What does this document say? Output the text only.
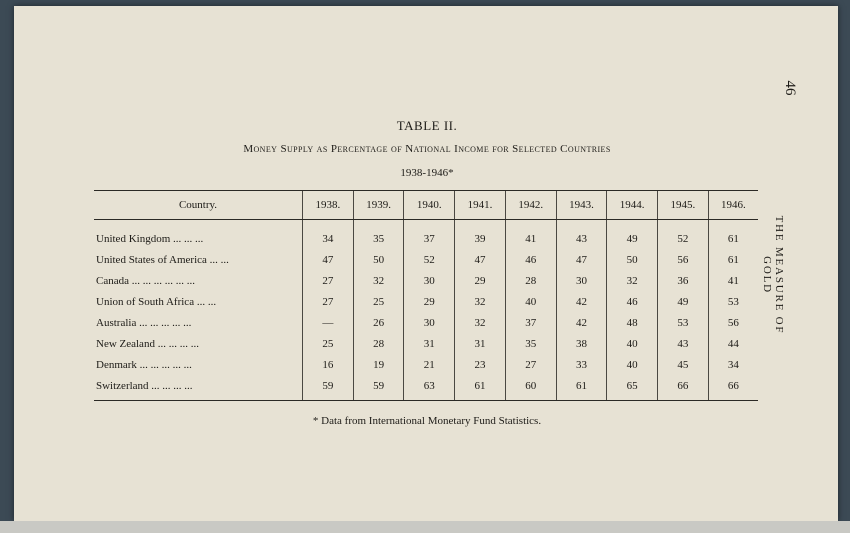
46
THE MEASURE OF GOLD
TABLE II.
Money Supply as Percentage of National Income for Selected Countries
1938-1946*
Country.	1938.	1939.	1940.	1941.	1942.	1943.	1944.	1945.	1946.
United Kingdom ... ... ...	34	35	37	39	41	43	49	52	61
United States of America ... ...	47	50	52	47	46	47	50	56	61
Canada ... ... ... ... ... ...	27	32	30	29	28	30	32	36	41
Union of South Africa ... ...	27	25	29	32	40	42	46	49	53
Australia ... ... ... ... ...	—	26	30	32	37	42	48	53	56
New Zealand ... ... ... ...	25	28	31	31	35	38	40	43	44
Denmark ... ... ... ... ...	16	19	21	23	27	33	40	45	34
Switzerland ... ... ... ...	59	59	63	61	60	61	65	66	66
* Data from International Monetary Fund Statistics.
